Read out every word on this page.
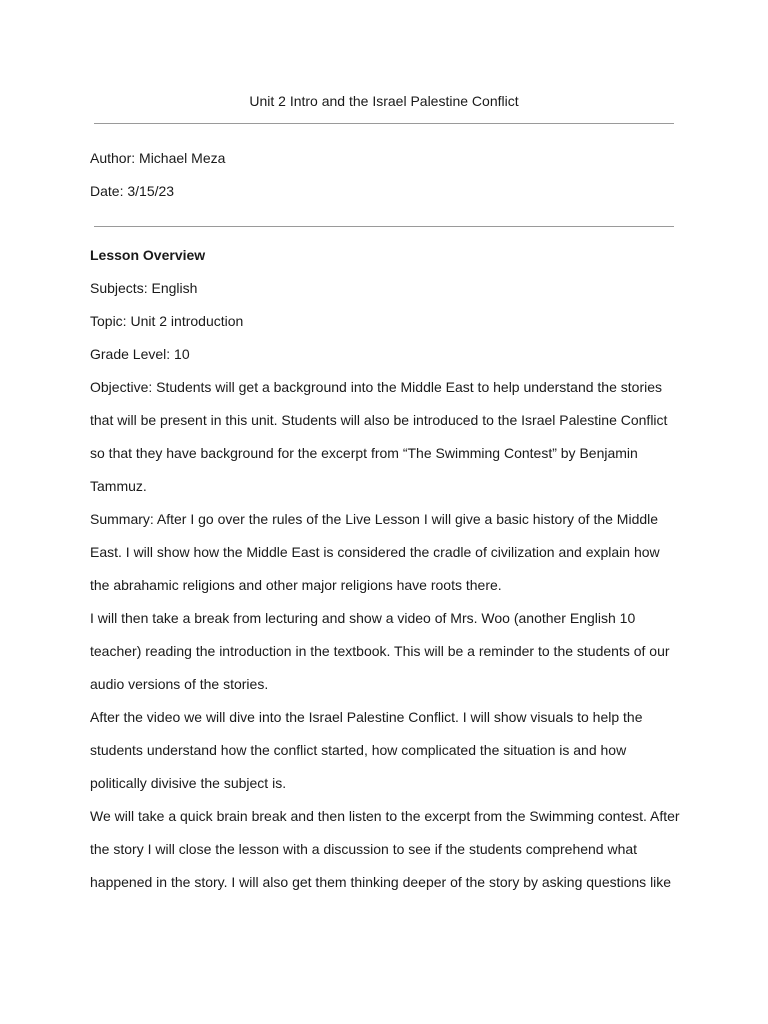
Unit 2 Intro and the Israel Palestine Conflict
Author: Michael Meza
Date: 3/15/23

Lesson Overview

Subjects: English

Topic: Unit 2 introduction

Grade Level: 10

Objective: Students will get a background into the Middle East to help understand the stories that will be present in this unit. Students will also be introduced to the Israel Palestine Conflict so that they have background for the excerpt from “The Swimming Contest” by Benjamin Tammuz.

Summary: After I go over the rules of the Live Lesson I will give a basic history of the Middle East. I will show how the Middle East is considered the cradle of civilization and explain how the abrahamic religions and other major religions have roots there.

I will then take a break from lecturing and show a video of Mrs. Woo (another English 10 teacher) reading the introduction in the textbook. This will be a reminder to the students of our audio versions of the stories.

After the video we will dive into the Israel Palestine Conflict. I will show visuals to help the students understand how the conflict started, how complicated the situation is and how politically divisive the subject is.

We will take a quick brain break and then listen to the excerpt from the Swimming contest. After the story I will close the lesson with a discussion to see if the students comprehend what happened in the story. I will also get them thinking deeper of the story by asking questions like
